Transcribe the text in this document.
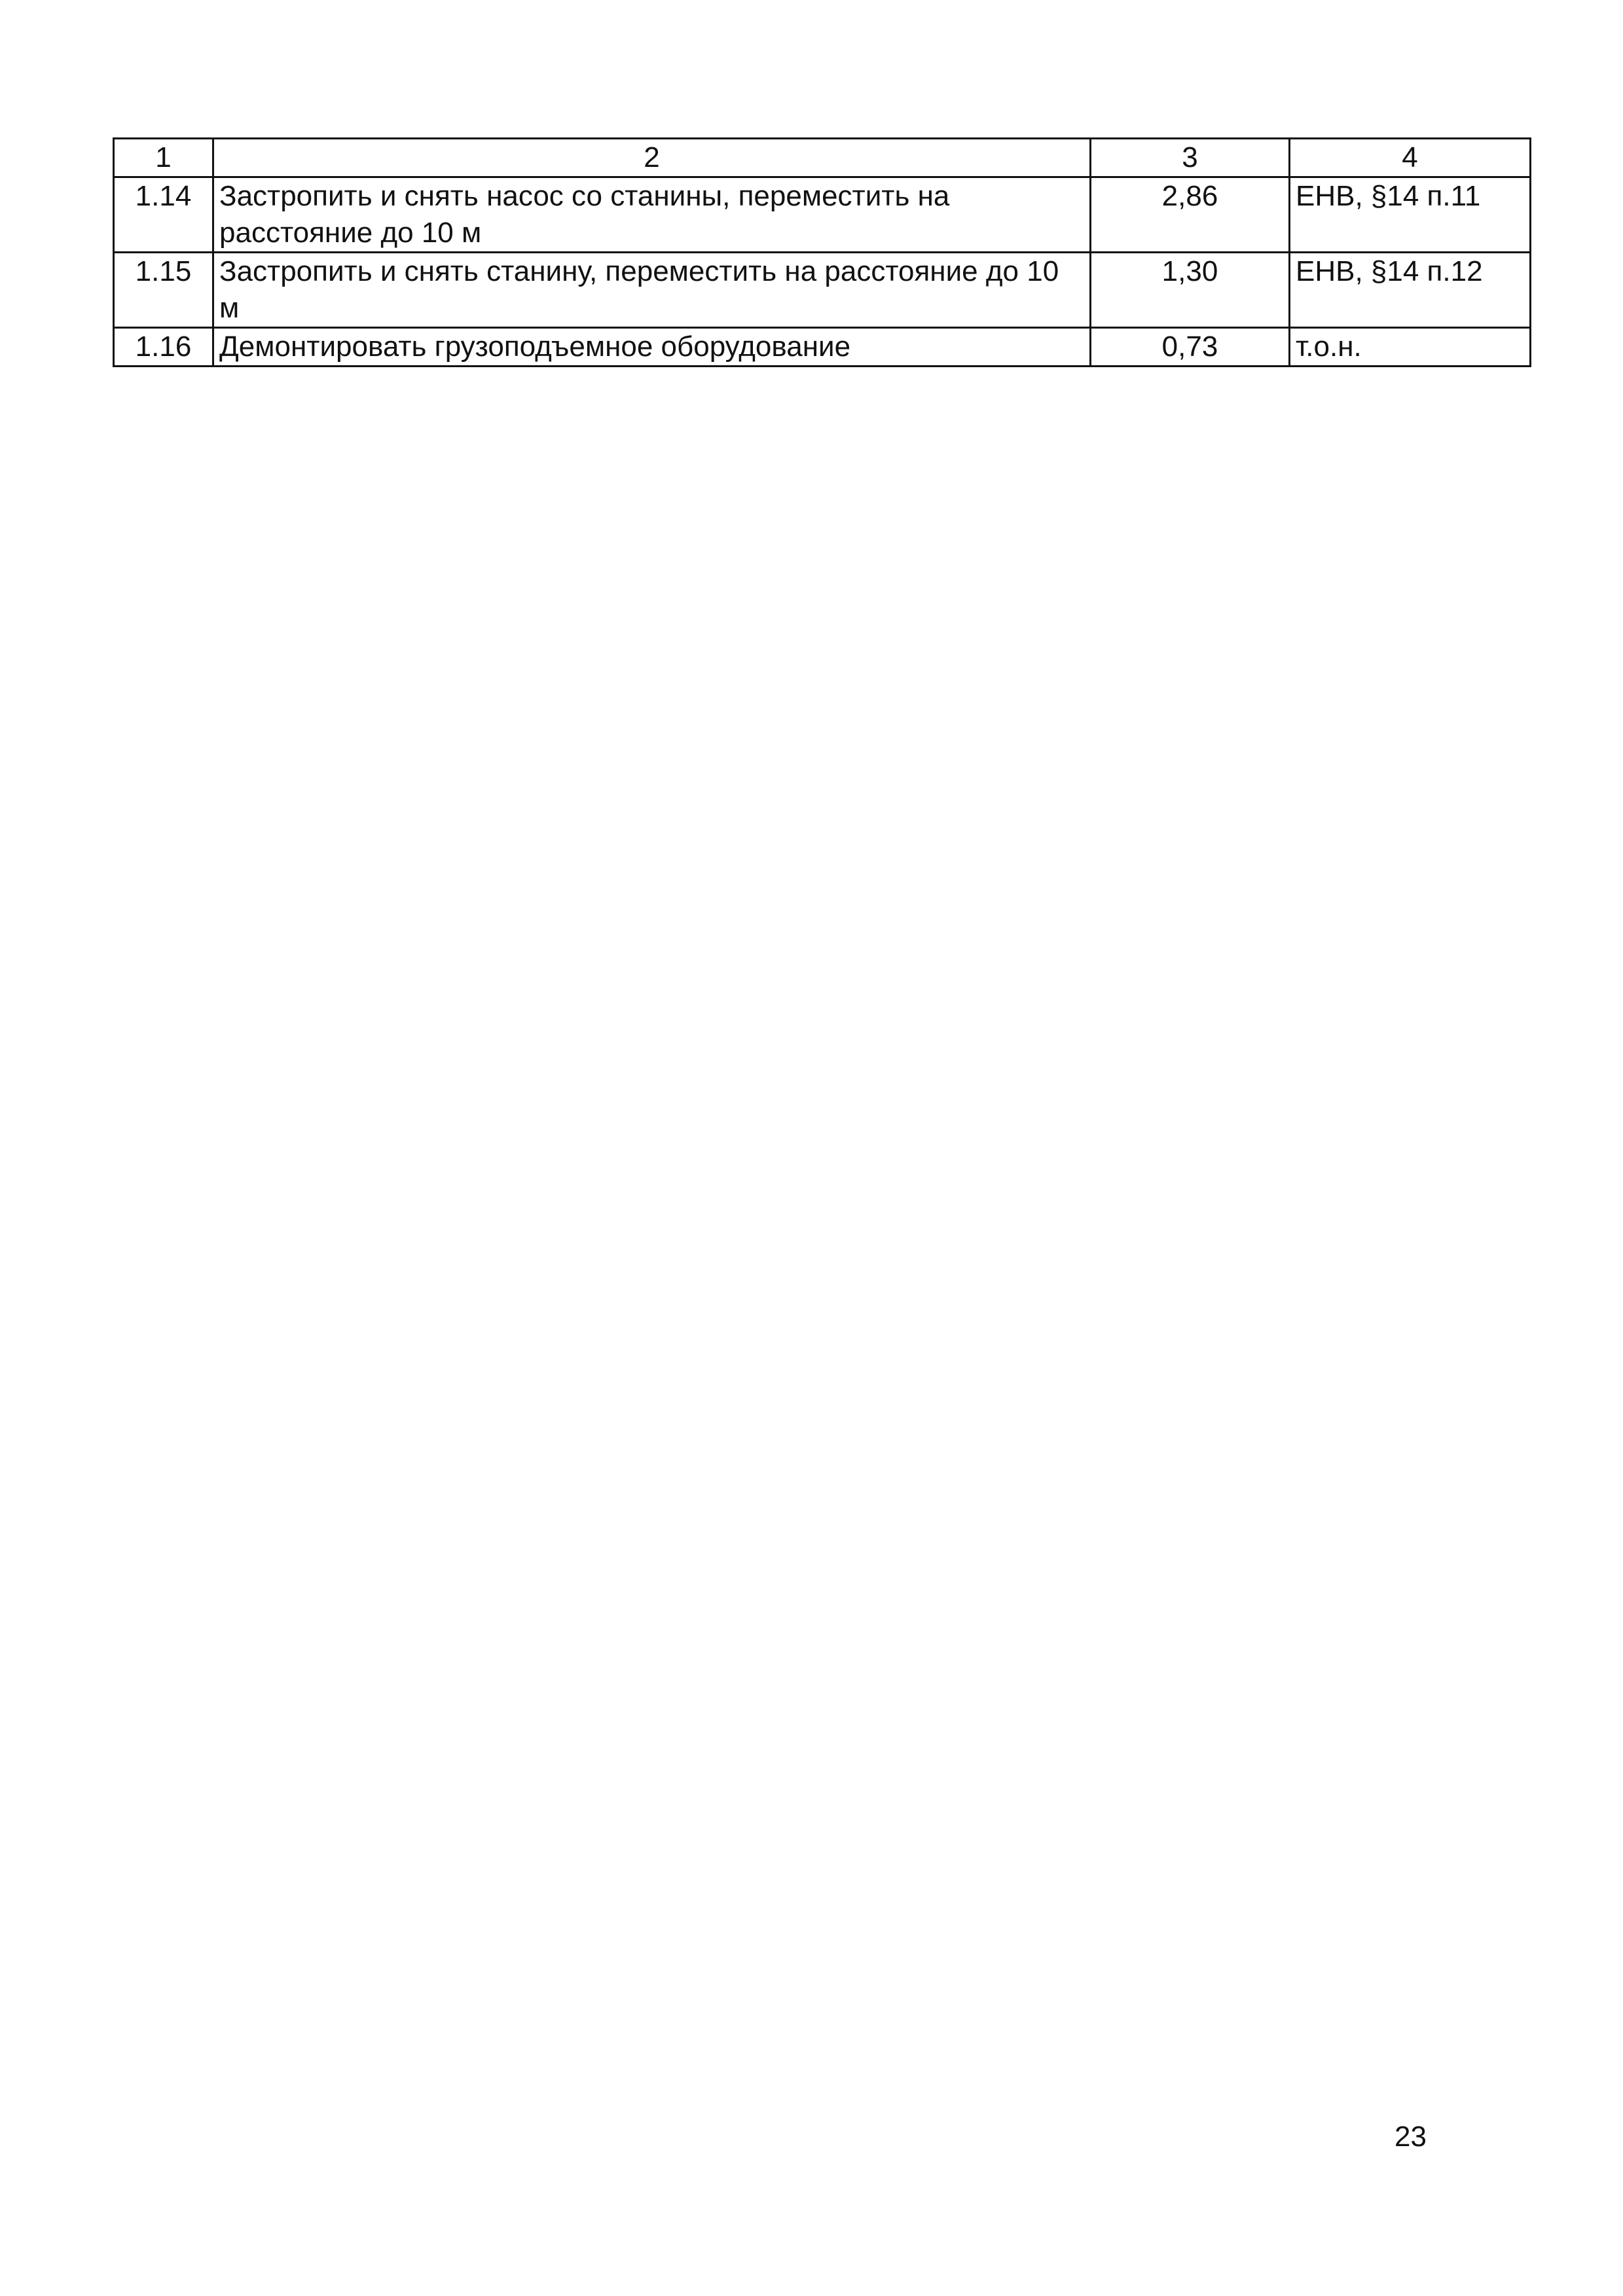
1	2	3	4
1.14	Застропить и снять насос со станины, переместить на расстояние до 10 м	2,86	ЕНВ, §14 п.11
1.15	Застропить и снять станину, переместить на расстояние до 10 м	1,30	ЕНВ, §14 п.12
1.16	Демонтировать грузоподъемное оборудование	0,73	т.о.н.
23
